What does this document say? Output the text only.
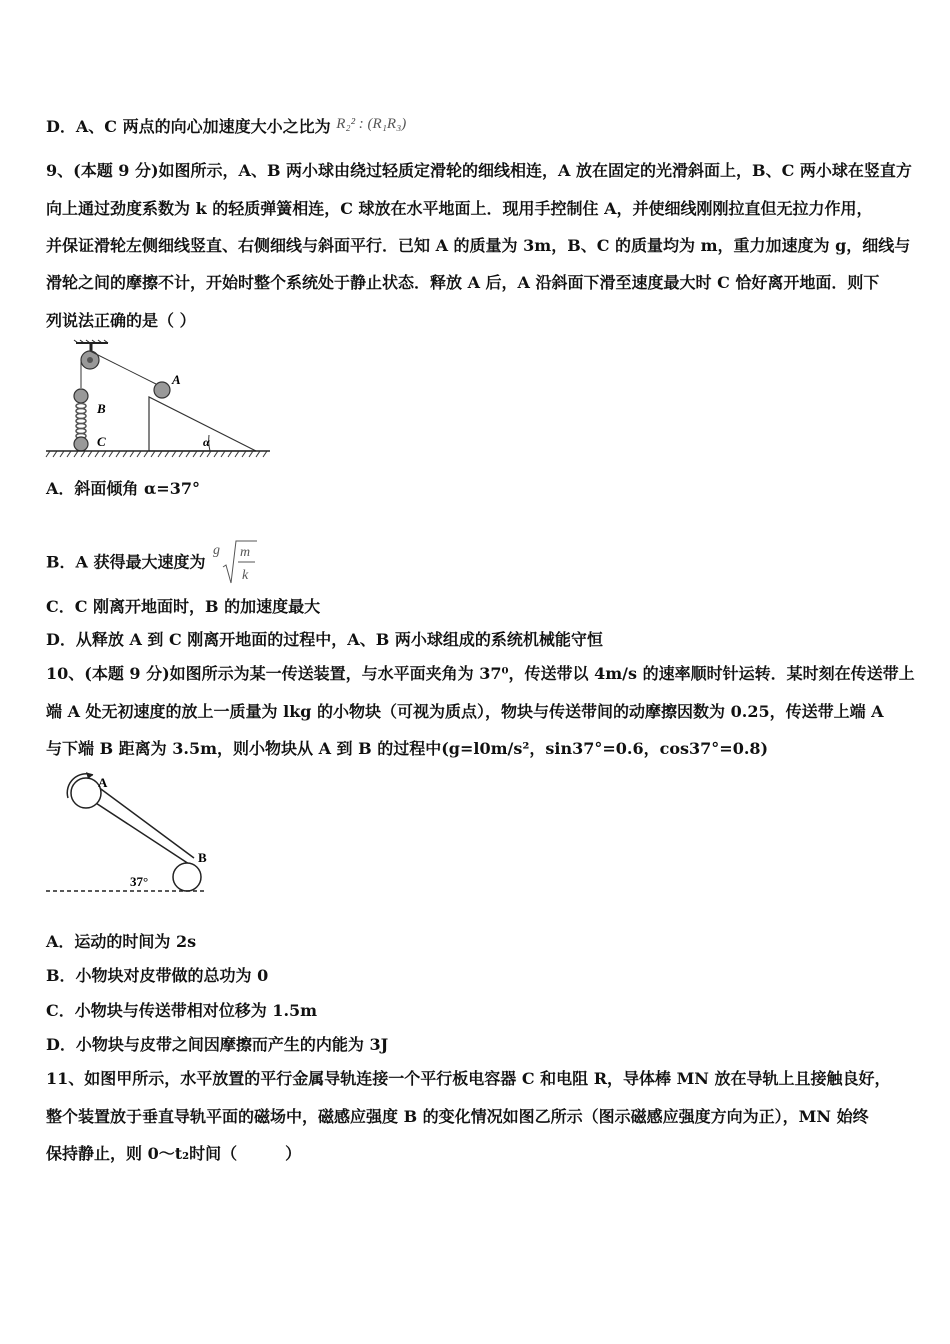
D．A、C 两点的向心加速度大小之比为 R₂² : (R₁R₃)
9、(本题 9 分)如图所示，A、B 两小球由绕过轻质定滑轮的细线相连，A 放在固定的光滑斜面上，B、C 两小球在竖直方
向上通过劲度系数为 k 的轻质弹簧相连，C 球放在水平地面上．现用手控制住 A，并使细线刚刚拉直但无拉力作用，
并保证滑轮左侧细线竖直、右侧细线与斜面平行．已知 A 的质量为 3m，B、C 的质量均为 m，重力加速度为 g，细线与
滑轮之间的摩擦不计，开始时整个系统处于静止状态．释放 A 后，A 沿斜面下滑至速度最大时 C 恰好离开地面．则下
列说法正确的是（ ）
A
B
C	α
A．斜面倾角 α=37°
B．A 获得最大速度为
g m
k
C．C 刚离开地面时，B 的加速度最大
D．从释放 A 到 C 刚离开地面的过程中，A、B 两小球组成的系统机械能守恒
10、(本题 9 分)如图所示为某一传送装置，与水平面夹角为 37⁰，传送带以 4m/s 的速率顺时针运转．某时刻在传送带上
端 A 处无初速度的放上一质量为 lkg 的小物块（可视为质点），物块与传送带间的动摩擦因数为 0.25，传送带上端 A
与下端 B 距离为 3.5m，则小物块从 A 到 B 的过程中(g=l0m/s²，sin37°=0.6，cos37°=0.8)
A
B
37°
A．运动的时间为 2s
B．小物块对皮带做的总功为 0
C．小物块与传送带相对位移为 1.5m
D．小物块与皮带之间因摩擦而产生的内能为 3J
11、如图甲所示，水平放置的平行金属导轨连接一个平行板电容器 C 和电阻 R，导体棒 MN 放在导轨上且接触良好，
整个装置放于垂直导轨平面的磁场中，磁感应强度 B 的变化情况如图乙所示（图示磁感应强度方向为正），MN 始终
保持静止，则 0～t₂时间（　　　）
